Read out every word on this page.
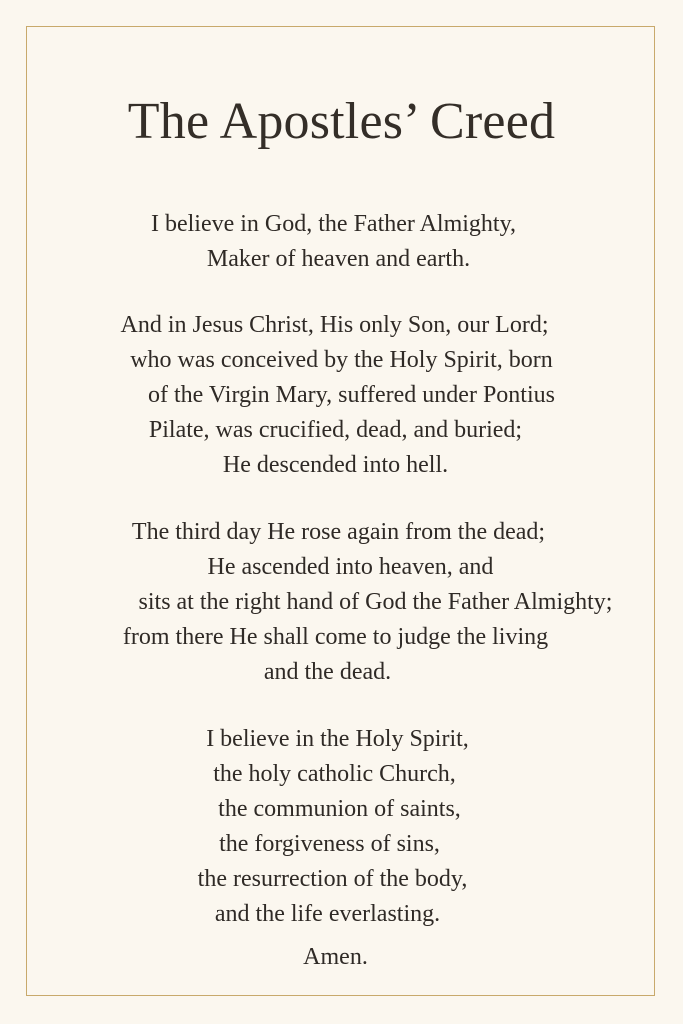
The Apostles’ Creed
I believe in God, the Father Almighty,
Maker of heaven and earth.
And in Jesus Christ, His only Son, our Lord;
who was conceived by the Holy Spirit, born
of the Virgin Mary, suffered under Pontius
Pilate, was crucified, dead, and buried;
He descended into hell.
The third day He rose again from the dead;
He ascended into heaven, and
sits at the right hand of God the Father Almighty;
from there He shall come to judge the living
and the dead.
I believe in the Holy Spirit,
the holy catholic Church,
the communion of saints,
the forgiveness of sins,
the resurrection of the body,
and the life everlasting.
Amen.
